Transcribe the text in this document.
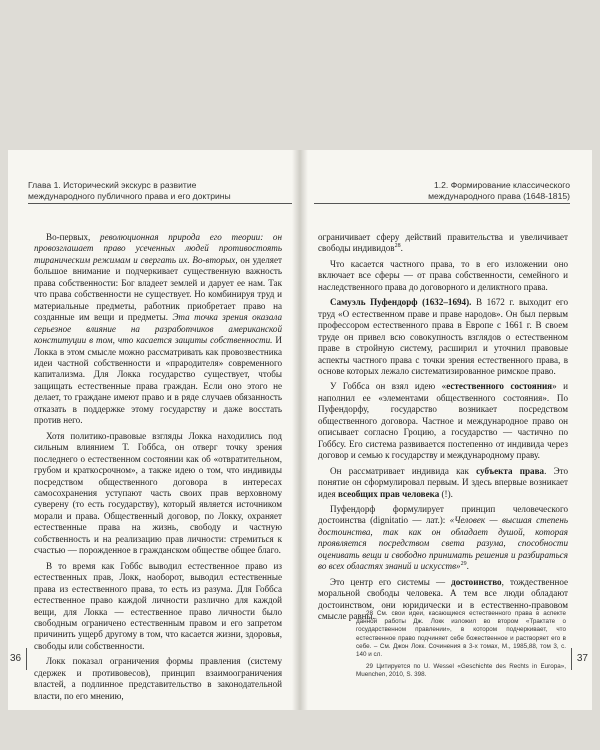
Глава 1. Исторический экскурс в развитие
международного публичного права и его доктрины

Во-первых, революционная природа его теории: он провозглашает право усеченных людей противостоять тираническим режимам и свергать их. Во-вторых, он уделяет большое внимание и подчеркивает существенную важность права собственности: Бог владеет землей и дарует ее нам. Так что права собственности не существует. Но комбинируя труд и материальные предметы, работник приобретает право на созданные им вещи и предметы. Эта точка зрения оказала серьезное влияние на разработчиков американской конституции в том, что касается защиты собственности. И Локка в этом смысле можно рассматривать как провозвестника идеи частной собственности и «прародителя» современного капитализма. Для Локка государство существует, чтобы защищать естественные права граждан. Если оно этого не делает, то граждане имеют право и в ряде случаев обязанность отказать в поддержке этому государству и даже восстать против него.

Хотя политико-правовые взгляды Локка находились под сильным влиянием Т. Гоббса, он отверг точку зрения последнего о естественном состоянии как об «отвратительном, грубом и краткосрочном», а также идею о том, что индивиды посредством общественного договора в интересах самосохранения уступают часть своих прав верховному суверену (то есть государству), который является источником морали и права. Общественный договор, по Локку, охраняет естественные права на жизнь, свободу и частную собственность и на реализацию прав личности: стремиться к счастью — порожденное в гражданском обществе общее благо.

В то время как Гоббс выводил естественное право из естественных прав, Локк, наоборот, выводил естественные права из естественного права, то есть из разума. Для Гоббса естественное право каждой личности различно для каждой вещи, для Локка — естественное право личности было свободным ограничено естественным правом и его запретом причинить ущерб другому в том, что касается жизни, здоровья, свободы или собственности.

Локк показал ограничения формы правления (систему сдержек и противовесов), принцип взаимоограничения властей, а подлинное представительство в законодательной власти, по его мнению,

36
1.2. Формирование классического
международного права (1648-1815)

ограничивает сферу действий правительства и увеличивает свободы индивидов$^{28}$.

Что касается частного права, то в его изложении оно включает все сферы — от права собственности, семейного и наследственного права до договорного и деликтного права.

Самуэль Пуфендорф (1632–1694). В 1672 г. выходит его труд «О естественном праве и праве народов». Он был первым профессором естественного права в Европе с 1661 г. В своем труде он привел всю совокупность взглядов о естественном праве в стройную систему, расширил и уточнил правовые аспекты частного права с точки зрения естественного права, в основе которых лежало систематизированное римское право.

У Гоббса он взял идею «естественного состояния» и наполнил ее «элементами общественного состояния». По Пуфендорфу, государство возникает посредством общественного договора. Частное и международное право он описывает согласно Гроцию, а государство — частично по Гоббсу. Его система развивается постепенно от индивида через договор и семью к государству и международному праву.

Он рассматривает индивида как субъекта права. Это понятие он сформулировал первым. И здесь впервые возникает идея всеобщих прав человека (!).

Пуфендорф формулирует принцип человеческого достоинства (dignitatio — лат.): «Человек — высшая степень достоинства, так как он обладает душой, которая проявляется посредством света разума, способности оценивать вещи и свободно принимать решения и разбираться во всех областях знаний и искусств»$^{29}$.

Это центр его системы — достоинство, тождественное моральной свободы человека. А тем все люди обладают достоинством, они юридически и в естественно-правовом смысле равны.

28 См. свои идеи, касающиеся естественного права в аспекте данной работы Дж. Локк изложил во втором «Трактате о государственном правлении», в котором подчеркивает, что естественное право подчиняет себе божественное и растворяет его в себе. – См. Джон Локк. Сочинения в 3-х томах, М., 1985,88, том 3, с. 140 и сл.

29 Цитируется по U. Wessel «Geschichte des Rechts in Europa», Muenchen, 2010, S. 398.

37
